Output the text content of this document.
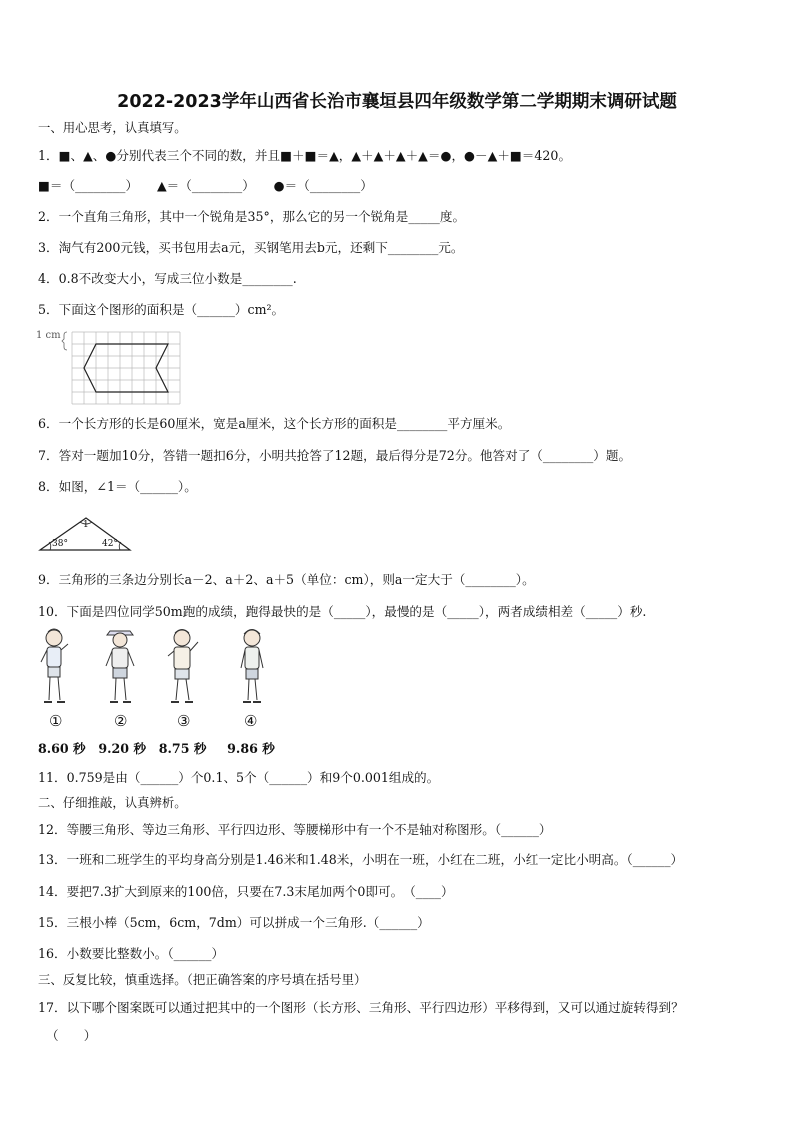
2022-2023学年山西省长治市襄垣县四年级数学第二学期期末调研试题
一、用心思考，认真填写。
1．■、▲、●分别代表三个不同的数，并且■＋■＝▲，▲＋▲＋▲＋▲＝●，●－▲＋■＝420。
■＝（________）　　▲＝（________）　　●＝（________）
2．一个直角三角形，其中一个锐角是35°，那么它的另一个锐角是_____度。
3．淘气有200元钱，买书包用去a元，买钢笔用去b元，还剩下________元。
4．0.8不改变大小，写成三位小数是________.
5．下面这个图形的面积是（______）cm²。
1 cm
6．一个长方形的长是60厘米，宽是a厘米，这个长方形的面积是________平方厘米。
7．答对一题加10分，答错一题扣6分，小明共抢答了12题，最后得分是72分。他答对了（________）题。
8．如图，∠1＝（______）。
1
38°	42°
9．三角形的三条边分别长a－2、a＋2、a＋5（单位：cm），则a一定大于（________）。
10．下面是四位同学50m跑的成绩，跑得最快的是（_____），最慢的是（_____），两者成绩相差（_____）秒.
①	②	③	④
8.60 秒 9.20 秒 8.75 秒 9.86 秒
11．0.759是由（______）个0.1、5个（______）和9个0.001组成的。
二、仔细推敲，认真辨析。
12．等腰三角形、等边三角形、平行四边形、等腰梯形中有一个不是轴对称图形。（______）
13．一班和二班学生的平均身高分别是1.46米和1.48米，小明在一班，小红在二班，小红一定比小明高。（______）
14．要把7.3扩大到原来的100倍，只要在7.3末尾加两个0即可。　（____）
15．三根小棒（5cm，6cm，7dm）可以拼成一个三角形.（______）
16．小数要比整数小。（______）
三、反复比较，慎重选择。（把正确答案的序号填在括号里）
17．以下哪个图案既可以通过把其中的一个图形（长方形、三角形、平行四边形）平移得到，又可以通过旋转得到？
（　　）
